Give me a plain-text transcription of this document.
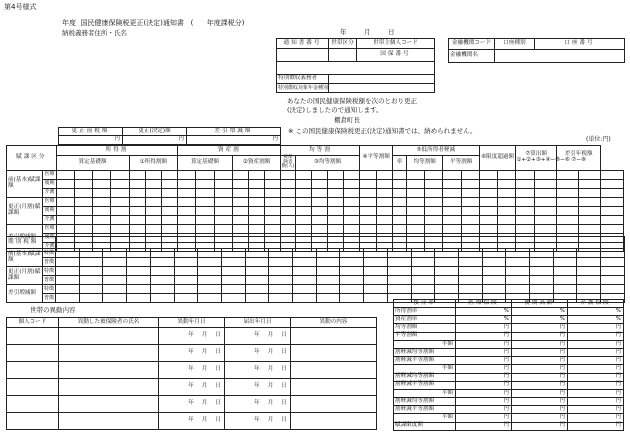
第4号様式
年度 国民健康保険税更正(決定)通知書 ( 年度課税分)
納税義務者住所・氏名	年	月	日
通知書番号	世帯区分	世帯主個人コード
		国保番号

特別徴収義務者		
特別徴収対象年金種別		
金融機関コード	口座種別	口座番号
金融機関名		
あなたの国民健康保険税額を次のとおり更正
(決定)しましたので通知します。
棚倉町長
更正前税額	更正(決定)額	差引増減額
円	円	円
※ この国民健康保険税更正(決定)通知書では、納められません。
(単位:円)
賦課区分		所得割							資産割						均等割					④平等割額		⑤低所得者軽減					⑥限度超過額		⑦算出額 ①+②+③+④−⑤−⑥		差引年税額 ⑦−⑧		
		算定基礎額				①所得割額			算定基礎額			②資産割額			被保険者数(人)	③均等割額						率	均等割額		平等割額								
前(基本)賦課額	医療																																
	後期																																
	介護																																
更正(月割)賦課額	医療																																
	後期																																
	介護																																
差引増減額	医療																																
	後期																																
	介護																																
期別税額																									
前(基本)賦課額	特徴																								
	普徴																								
更正(月割)賦課額	特徴																								
	普徴																								
差引増減額	特徴																								
	普徴																								
世帯の異動内容
個人コード	異動した被保険者の氏名	異動年月日	届出年月日	異動の内容
		年 月 日	年 月 日	
		年 月 日	年 月 日	
		年 月 日	年 月 日	
		年 月 日	年 月 日	
		年 月 日	年 月 日	
		年 月 日	年 月 日	
按分率	医療保険	後期高齢	介護保険
所得割率	%	%	%
資産割率	%	%	%
均等割額	円	円	円
平等割額	円	円	円
半額	円	円	円
割軽減均等割額	円	円	円
割軽減平等割額	円	円	円
半額	円	円	円
割軽減均等割額	円	円	円
割軽減平等割額	円	円	円
半額	円	円	円
割軽減均等割額	円	円	円
割軽減平等割額	円	円	円
半額	円	円	円
賦課限度額	円	円	円
